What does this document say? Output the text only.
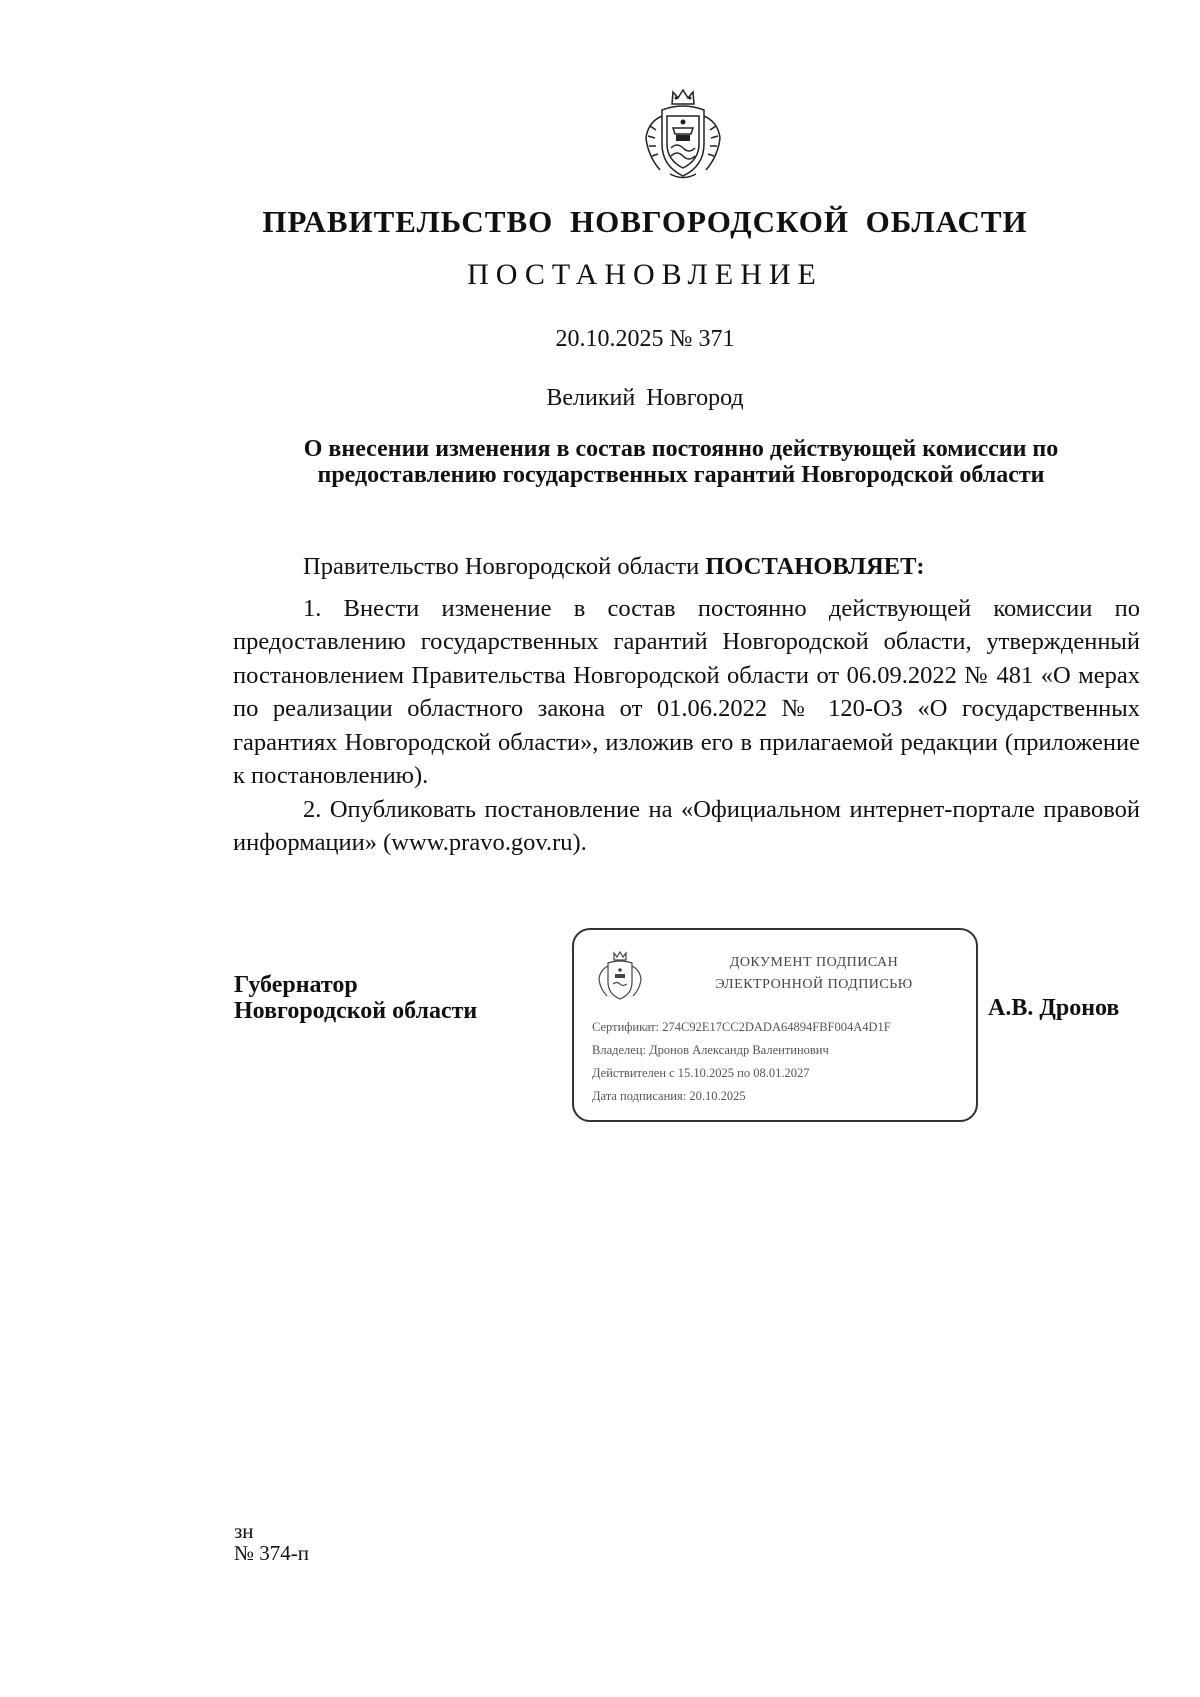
ПРАВИТЕЛЬСТВО НОВГОРОДСКОЙ ОБЛАСТИ
ПОСТАНОВЛЕНИЕ
20.10.2025 № 371
Великий Новгород
О внесении изменения в состав постоянно действующей комиссии по
предоставлению государственных гарантий Новгородской области

Правительство Новгородской области ПОСТАНОВЛЯЕТ:

1. Внести изменение в состав постоянно действующей комиссии по предоставлению государственных гарантий Новгородской области, утвержденный постановлением Правительства Новгородской области от 06.09.2022 № 481 «О мерах по реализации областного закона от 01.06.2022 № 120-ОЗ «О государственных гарантиях Новгородской области», изложив его в прилагаемой редакции (приложение к постановлению).

2. Опубликовать постановление на «Официальном интернет-портале правовой информации» (www.pravo.gov.ru).

Губернатор
Новгородской области
ДОКУМЕНТ ПОДПИСАН
ЭЛЕКТРОННОЙ ПОДПИСЬЮ
Сертификат: 274C92E17CC2DADA64894FBF004A4D1F
Владелец: Дронов Александр Валентинович
Действителен с 15.10.2025 по 08.01.2027
Дата подписания: 20.10.2025
А.В. Дронов
зн
№ 374-п
